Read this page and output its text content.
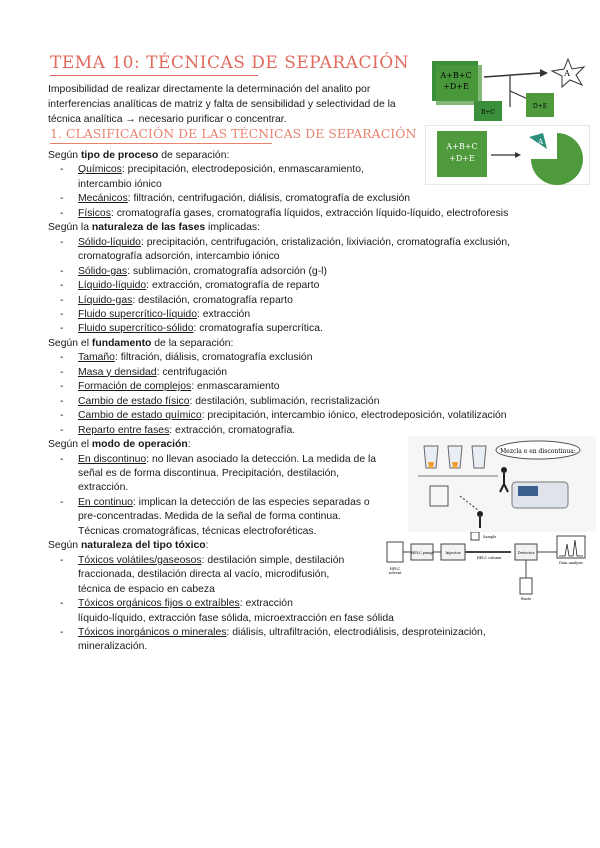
TEMA 10: TÉCNICAS DE SEPARACIÓN
Imposibilidad de realizar directamente la determinación del analito por interferencias analíticas de matriz y falta de sensibilidad y selectividad de la técnica analítica → necesario purificar o concentrar.
1. CLASIFICACIÓN DE LAS TÉCNICAS DE SEPARACIÓN
A+B+C
+D+E
A
B+C
D+E
A+B+C
+D+E
A
Mezcla e en discontinua:
HPLC
solvent
HPLC pump	Injector
Sample
HPLC column
Detector
Waste
Data analysis
Según tipo de proceso de separación:
- Químicos: precipitación, electrodeposición, enmascaramiento,
intercambio iónico
- Mecánicos: filtración, centrifugación, diálisis, cromatografía de exclusión
- Físicos: cromatografía gases, cromatografía líquidos, extracción líquido-líquido, electroforesis
Según la naturaleza de las fases implicadas:
- Sólido-líquido: precipitación, centrifugación, cristalización, lixiviación, cromatografía exclusión,
cromatografía adsorción, intercambio iónico
- Sólido-gas: sublimación, cromatografía adsorción (g-l)
- Líquido-líquido: extracción, cromatografía de reparto
- Líquido-gas: destilación, cromatografía reparto
- Fluido supercrítico-líquido: extracción
- Fluido supercrítico-sólido: cromatografía supercrítica.
Según el fundamento de la separación:
- Tamaño: filtración, diálisis, cromatografía exclusión
- Masa y densidad: centrifugación
- Formación de complejos: enmascaramiento
- Cambio de estado físico: destilación, sublimación, recristalización
- Cambio de estado químico: precipitación, intercambio iónico, electrodeposición, volatilización
- Reparto entre fases: extracción, cromatografía.
Según el modo de operación:
- En discontinuo: no llevan asociado la detección. La medida de la
señal es de forma discontinua. Precipitación, destilación,
extracción.
- En continuo: implican la detección de las especies separadas o
pre-concentradas. Medida de la señal de forma continua.
Técnicas cromatográficas, técnicas electroforéticas.
Según naturaleza del tipo tóxico:
- Tóxicos volátiles/gaseosos: destilación simple, destilación
fraccionada, destilación directa al vacío, microdifusión,
técnica de espacio en cabeza
- Tóxicos orgánicos fijos o extraíbles: extracción
líquido-líquido, extracción fase sólida, microextracción en fase sólida
- Tóxicos inorgánicos o minerales: diálisis, ultrafiltración, electrodiálisis, desproteinización,
mineralización.
